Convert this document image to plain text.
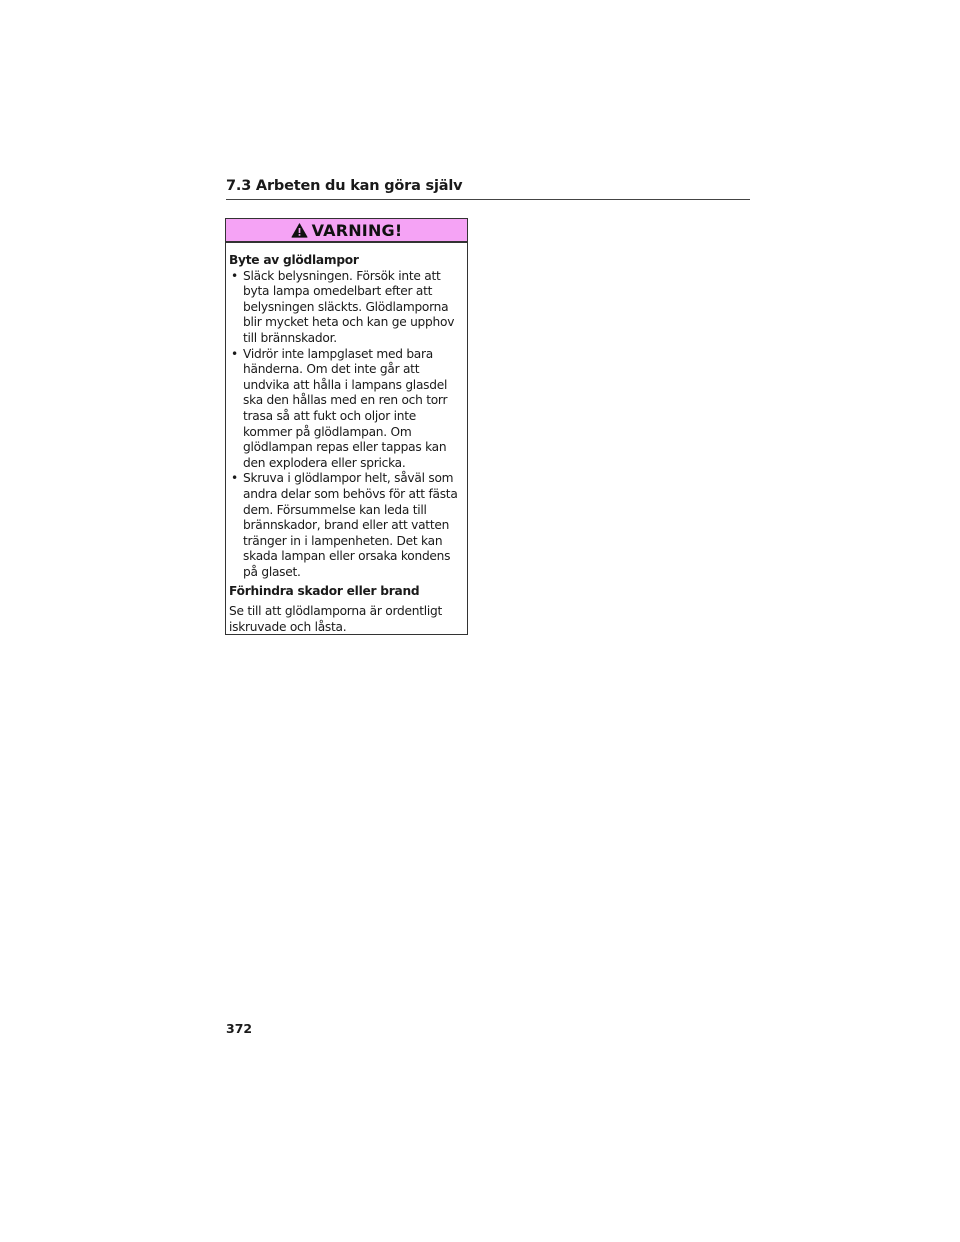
7.3 Arbeten du kan göra själv
VARNING!
Byte av glödlampor
• Släck belysningen. Försök inte att byta lampa omedelbart efter att belysningen släckts. Glödlamporna blir mycket heta och kan ge upphov till brännskador.
• Vidrör inte lampglaset med bara händerna. Om det inte går att undvika att hålla i lampans glasdel ska den hållas med en ren och torr trasa så att fukt och oljor inte kommer på glödlampan. Om glödlampan repas eller tappas kan den explodera eller spricka.
• Skruva i glödlampor helt, såväl som andra delar som behövs för att fästa dem. Försummelse kan leda till brännskador, brand eller att vatten tränger in i lampenheten. Det kan skada lampan eller orsaka kondens på glaset.
Förhindra skador eller brand
Se till att glödlamporna är ordentligt iskruvade och låsta.
372
